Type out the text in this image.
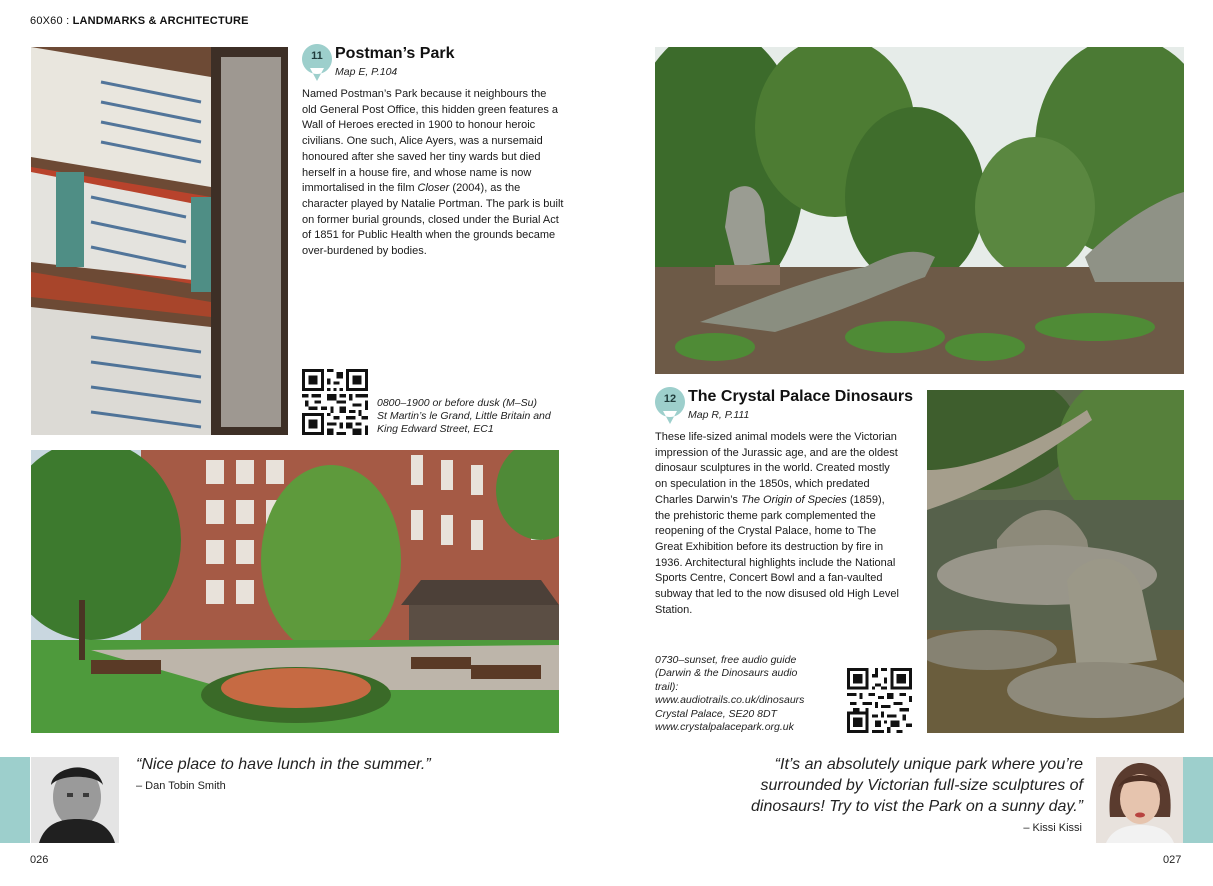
60X60 : LANDMARKS & ARCHITECTURE
11 Postman’s Park
Map E, P.104
Named Postman’s Park because it neighbours the old General Post Office, this hidden green features a Wall of Heroes erected in 1900 to honour heroic civilians. One such, Alice Ayers, was a nursemaid honoured after she saved her tiny wards but died herself in a house fire, and whose name is now immortalised in the film Closer (2004), as the character played by Natalie Portman. The park is built on former burial grounds, closed under the Burial Act of 1851 for Public Health when the grounds became over-burdened by bodies.
0800–1900 or before dusk (M–Su)
St Martin’s le Grand, Little Britain and King Edward Street, EC1
12 The Crystal Palace Dinosaurs
Map R, P.111
These life-sized animal models were the Victorian impression of the Jurassic age, and are the oldest dinosaur sculptures in the world. Created mostly on speculation in the 1850s, which predated Charles Darwin’s The Origin of Species (1859), the prehistoric theme park complemented the reopening of the Crystal Palace, home to The Great Exhibition before its destruction by fire in 1936. Architectural highlights include the National Sports Centre, Concert Bowl and a fan-vaulted subway that led to the now disused old High Level Station.
0730–sunset, free audio guide (Darwin & the Dinosaurs audio trail): www.audiotrails.co.uk/dinosaurs
Crystal Palace, SE20 8DT
www.crystalpalacepark.org.uk
“Nice place to have lunch in the summer.”
– Dan Tobin Smith
“It’s an absolutely unique park where you’re surrounded by Victorian full-size sculptures of dinosaurs! Try to vist the Park on a sunny day.”
– Kissi Kissi
026	027
